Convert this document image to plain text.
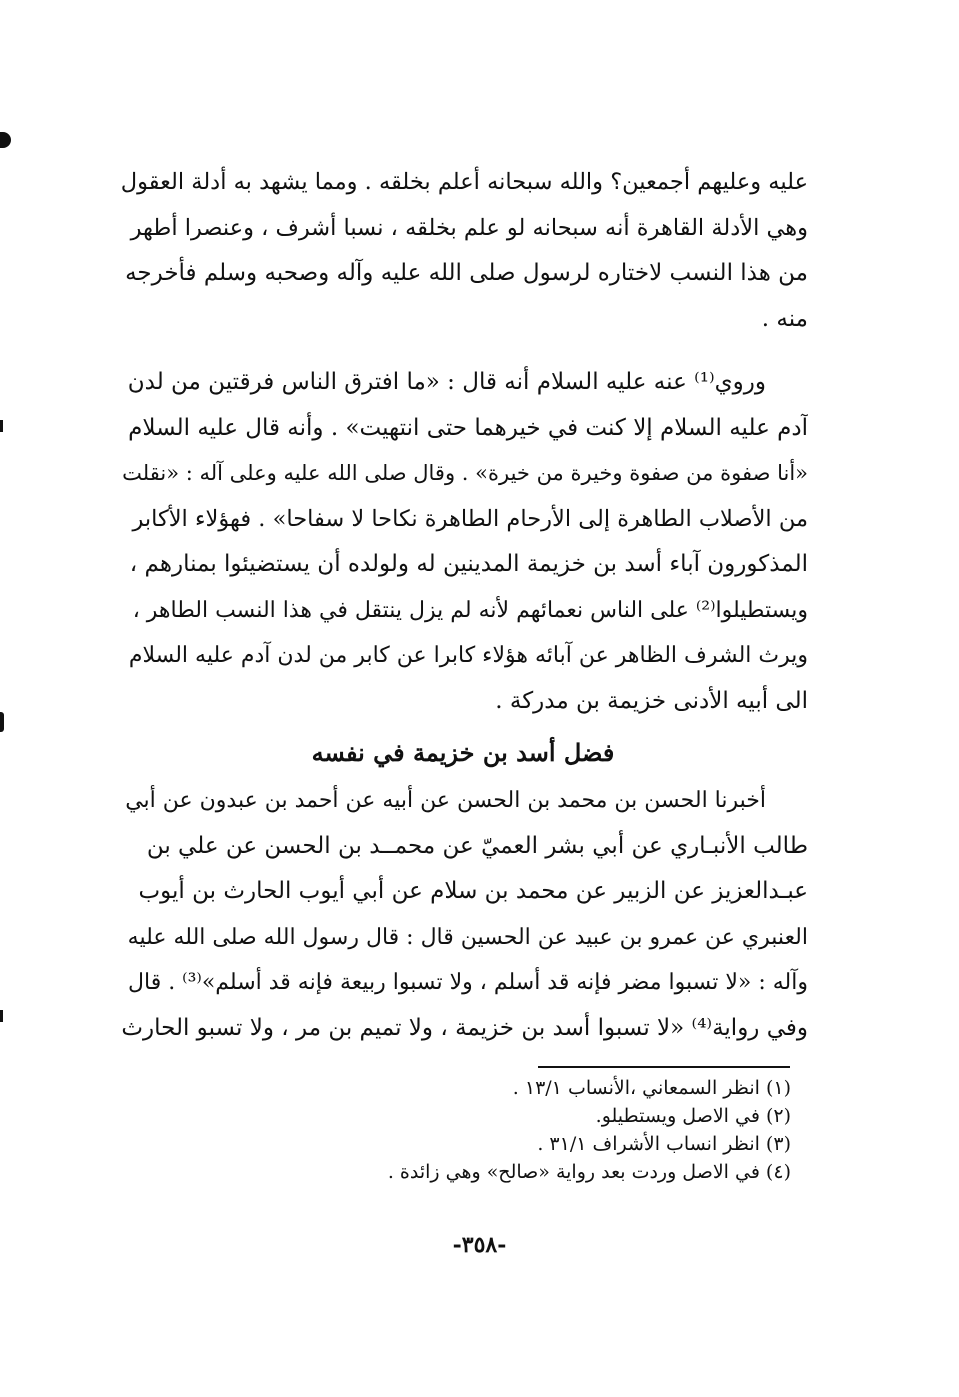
عليه وعليهم أجمعين؟ والله سبحانه أعلم بخلقه . ومما يشهد به أدلة العقول
وهي الأدلة القاهرة أنه سبحانه لو علم بخلقه ، نسبا أشرف ، وعنصرا أطهر
من هذا النسب لاختاره لرسول صلى الله عليه وآله وصحبه وسلم فأخرجه
منه .
وروي⁽¹⁾ عنه عليه السلام أنه قال : «ما افترق الناس فرقتين من لدن
آدم عليه السلام إلا كنت في خيرهما حتى انتهيت» . وأنه قال عليه السلام
«أنا صفوة من صفوة وخيرة من خيرة» . وقال صلى الله عليه وعلى آله : «نقلت
من الأصلاب الطاهرة إلى الأرحام الطاهرة نكاحا لا سفاحا» . فهؤلاء الأكابر
المذكورون آباء أسد بن خزيمة المدينين له ولولده أن يستضيئوا بمنارهم ،
ويستطيلوا⁽²⁾ على الناس نعمائهم لأنه لم يزل ينتقل في هذا النسب الطاهر ،
ويرث الشرف الظاهر عن آبائه هؤلاء كابرا عن كابر من لدن آدم عليه السلام
الى أبيه الأدنى خزيمة بن مدركة .
فضل أسد بن خزيمة في نفسه
أخبرنا الحسن بن محمد بن الحسن عن أبيه عن أحمد بن عبدون عن أبي
طالب الأنبـاري عن أبي بشر العميّ عن محمــد بن الحسن عن علي بن
عبـدالعزيز عن الزبير عن محمد بن سلام عن أبي أيوب الحارث بن أيوب
العنبري عن عمرو بن عبيد عن الحسين قال : قال رسول الله صلى الله عليه
وآله : «لا تسبوا مضر فإنه قد أسلم ، ولا تسبوا ربيعة فإنه قد أسلم»⁽³⁾ . قال
وفي رواية⁽⁴⁾ «لا تسبوا أسد بن خزيمة ، ولا تميم بن مر ، ولا تسبو الحارث
(١) انظر السمعاني ،الأنساب ١٣/١ .
(٢) في الاصل ويستطيلو.
(٣) انظر انساب الأشراف ٣١/١ .
(٤) في الاصل وردت بعد رواية «صالح» وهي زائدة .
-٣٥٨-
